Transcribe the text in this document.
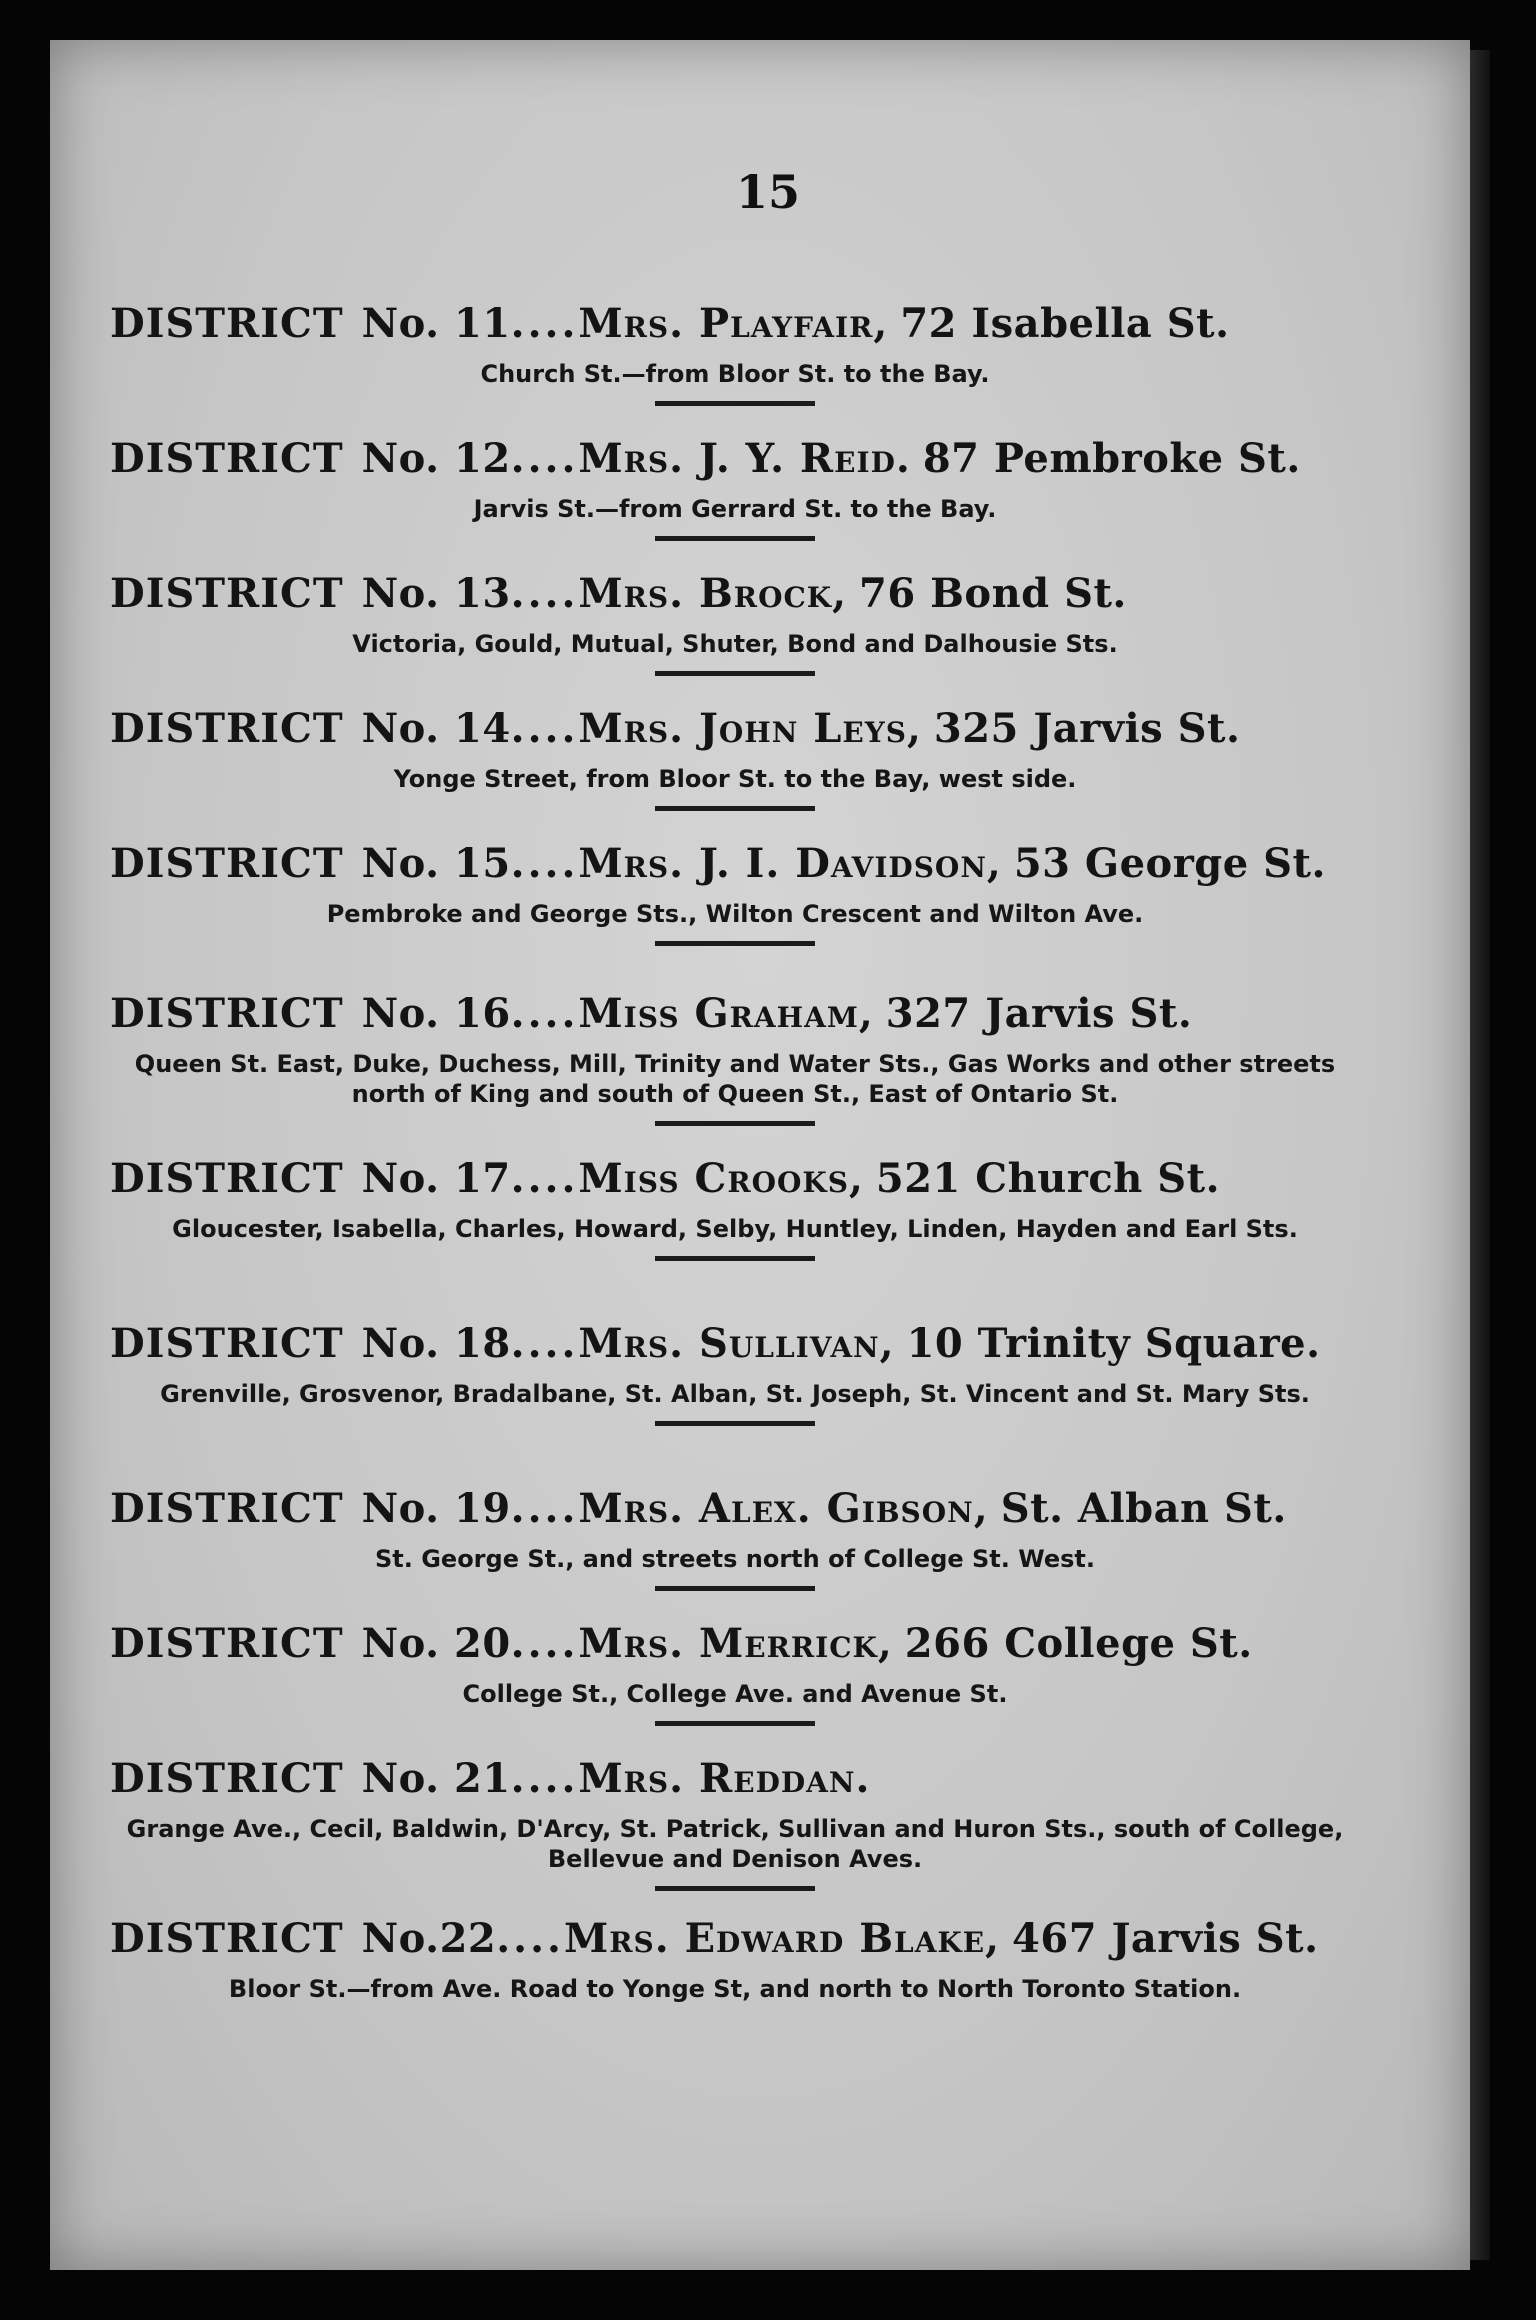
15
DISTRICT No. 11....Mrs. Playfair, 72 Isabella St.
Church St.—from Bloor St. to the Bay.
DISTRICT No. 12....Mrs. J. Y. Reid. 87 Pembroke St.
Jarvis St.—from Gerrard St. to the Bay.
DISTRICT No. 13....Mrs. Brock, 76 Bond St.
Victoria, Gould, Mutual, Shuter, Bond and Dalhousie Sts.
DISTRICT No. 14....Mrs. John Leys, 325 Jarvis St.
Yonge Street, from Bloor St. to the Bay, west side.
DISTRICT No. 15....Mrs. J. I. Davidson, 53 George St.
Pembroke and George Sts., Wilton Crescent and Wilton Ave.
DISTRICT No. 16....Miss Graham, 327 Jarvis St.
Queen St. East, Duke, Duchess, Mill, Trinity and Water Sts., Gas Works and other streets north of King and south of Queen St., East of Ontario St.
DISTRICT No. 17....Miss Crooks, 521 Church St.
Gloucester, Isabella, Charles, Howard, Selby, Huntley, Linden, Hayden and Earl Sts.
DISTRICT No. 18....Mrs. Sullivan, 10 Trinity Square.
Grenville, Grosvenor, Bradalbane, St. Alban, St. Joseph, St. Vincent and St. Mary Sts.
DISTRICT No. 19....Mrs. Alex. Gibson, St. Alban St.
St. George St., and streets north of College St. West.
DISTRICT No. 20....Mrs. Merrick, 266 College St.
College St., College Ave. and Avenue St.
DISTRICT No. 21....Mrs. Reddan.
Grange Ave., Cecil, Baldwin, D'Arcy, St. Patrick, Sullivan and Huron Sts., south of College, Bellevue and Denison Aves.
DISTRICT No.22....Mrs. Edward Blake, 467 Jarvis St.
Bloor St.—from Ave. Road to Yonge St, and north to North Toronto Station.
